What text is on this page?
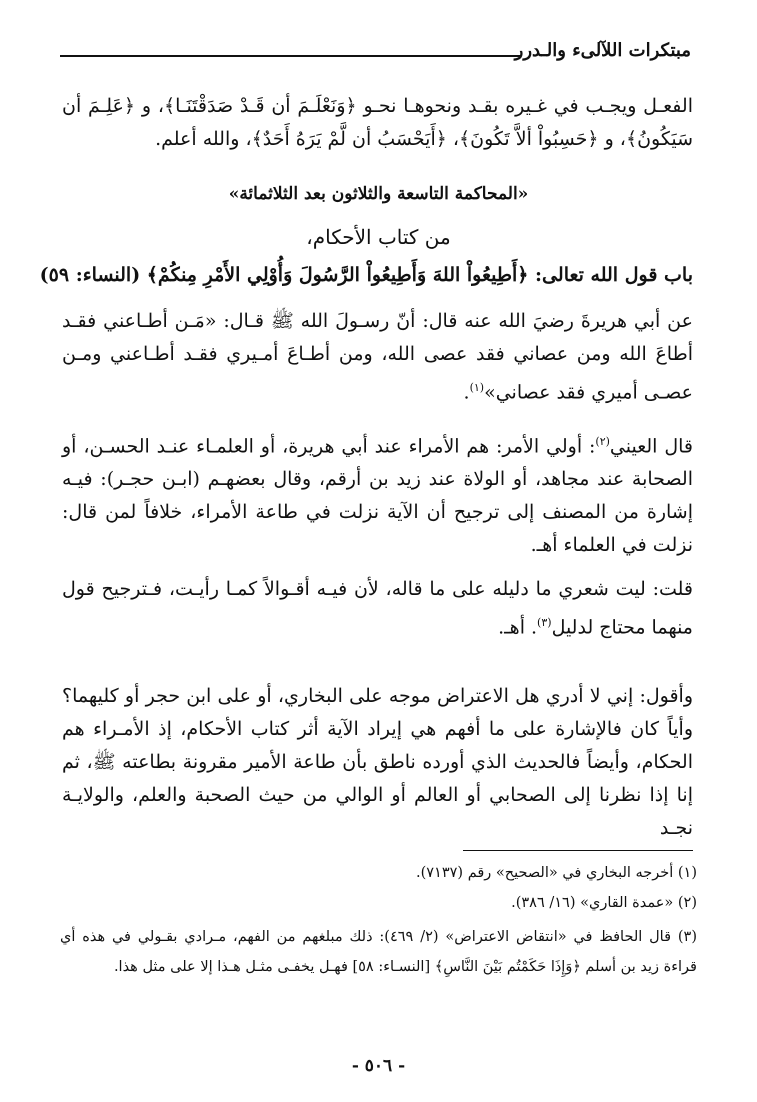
مبتكرات اللآلىء والـدرر
الفعـل ويجـب في غـيره بقـد ونحوهـا نحـو ﴿وَنَعْلَـمَ أن قَـدْ صَدَقْتَنَـا﴾، و ﴿عَلِـمَ أن سَيَكُونُ﴾، و ﴿حَسِبُواْ ألاَّ تَكُونَ﴾، ﴿أَيَحْسَبُ أن لَّمْ يَرَهُ أَحَدٌ﴾، والله أعلم.
«المحاكمة التاسعة والثلاثون بعد الثلاثمائة»
من كتاب الأحكام،
باب قول الله تعالى: ﴿أَطِيعُواْ اللهَ وَأَطِيعُواْ الرَّسُولَ وَأُوْلِي الأَمْرِ مِنكُمْ﴾ (النساء: ٥٩)
عن أبي هريرةَ رضيَ الله عنه قال: أنّ رسـولَ الله ﷺ قـال: «مَـن أطـاعني فقـد أطاعَ الله ومن عصاني فقد عصى الله، ومن أطـاعَ أمـيري فقـد أطـاعني ومـن عصـى أميري فقد عصاني»$^{(١)}$.
قال العيني$^{(٢)}$: أولي الأمر: هم الأمراء عند أبي هريرة، أو العلمـاء عنـد الحسـن، أو الصحابة عند مجاهد، أو الولاة عند زيد بن أرقم، وقال بعضهـم (ابـن حجـر): فيـه إشارة من المصنف إلى ترجيح أن الآية نزلت في طاعة الأمراء، خلافاً لمن قال: نزلت في العلماء أهـ.
قلت: ليت شعري ما دليله على ما قاله، لأن فيـه أقـوالاً كمـا رأيـت، فـترجيح قول منهما محتاج لدليل$^{(٣)}$. أهـ.
وأقول: إني لا أدري هل الاعتراض موجه على البخاري، أو على ابن حجر أو كليهما؟ وأياً كان فالإشارة على ما أفهم هي إيراد الآية أثر كتاب الأحكام، إذ الأمـراء هم الحكام، وأيضاً فالحديث الذي أورده ناطق بأن طاعة الأمير مقرونة بطاعته ﷺ، ثم إنا إذا نظرنا إلى الصحابي أو العالم أو الوالي من حيث الصحبة والعلم، والولايـة نجـد
(١) أخرجه البخاري في «الصحيح» رقم (٧١٣٧).
(٢) «عمدة القاري» (١٦/ ٣٨٦).
(٣) قال الحافظ في «انتقاض الاعتراض» (٢/ ٤٦٩): ذلك مبلغهم من الفهم، مـرادي بقـولي في هذه أي قراءة زيد بن أسلم ﴿وَإِذَا حَكَمْتُم بَيْنَ النَّاسِ﴾ [النسـاء: ٥٨] فهـل يخفـى مثـل هـذا إلا على مثل هذا.
- ٥٠٦ -
